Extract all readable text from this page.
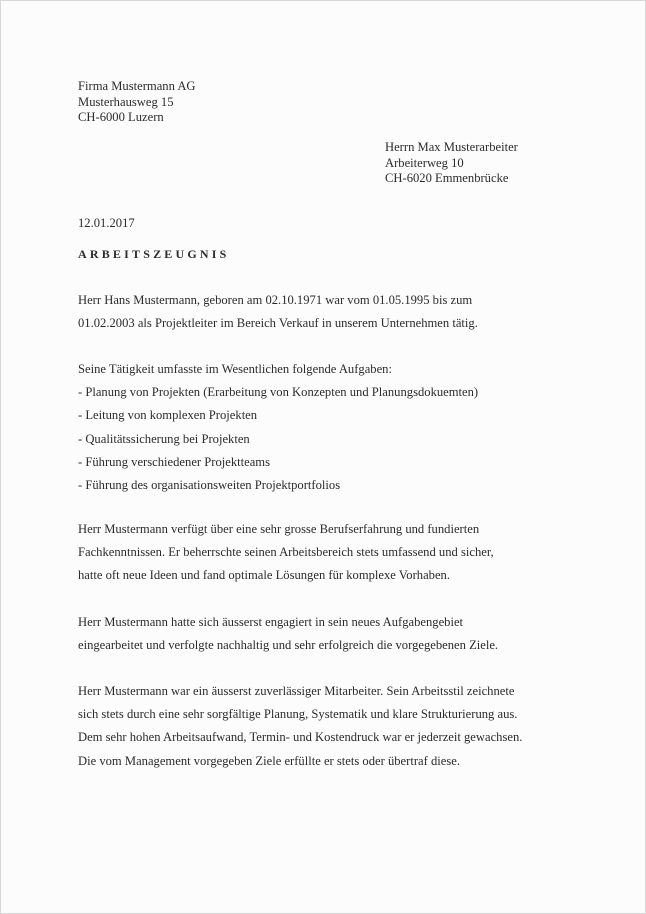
Firma Mustermann AG
Musterhausweg 15
CH-6000 Luzern
Herrn Max Musterarbeiter
Arbeiterweg 10
CH-6020 Emmenbrücke
12.01.2017
ARBEITSZEUGNIS
Herr Hans Mustermann, geboren am 02.10.1971 war vom 01.05.1995 bis zum
01.02.2003 als Projektleiter im Bereich Verkauf in unserem Unternehmen tätig.
Seine Tätigkeit umfasste im Wesentlichen folgende Aufgaben:
- Planung von Projekten (Erarbeitung von Konzepten und Planungsdokuemten)
- Leitung von komplexen Projekten
- Qualitätssicherung bei Projekten
- Führung verschiedener Projektteams
- Führung des organisationsweiten Projektportfolios
Herr Mustermann verfügt über eine sehr grosse Berufserfahrung und fundierten
Fachkenntnissen. Er beherrschte seinen Arbeitsbereich stets umfassend und sicher,
hatte oft neue Ideen und fand optimale Lösungen für komplexe Vorhaben.
Herr Mustermann hatte sich äusserst engagiert in sein neues Aufgabengebiet
eingearbeitet und verfolgte nachhaltig und sehr erfolgreich die vorgegebenen Ziele.
Herr Mustermann war ein äusserst zuverlässiger Mitarbeiter. Sein Arbeitsstil zeichnete
sich stets durch eine sehr sorgfältige Planung, Systematik und klare Strukturierung aus.
Dem sehr hohen Arbeitsaufwand, Termin- und Kostendruck war er jederzeit gewachsen.
Die vom Management vorgegeben Ziele erfüllte er stets oder übertraf diese.
